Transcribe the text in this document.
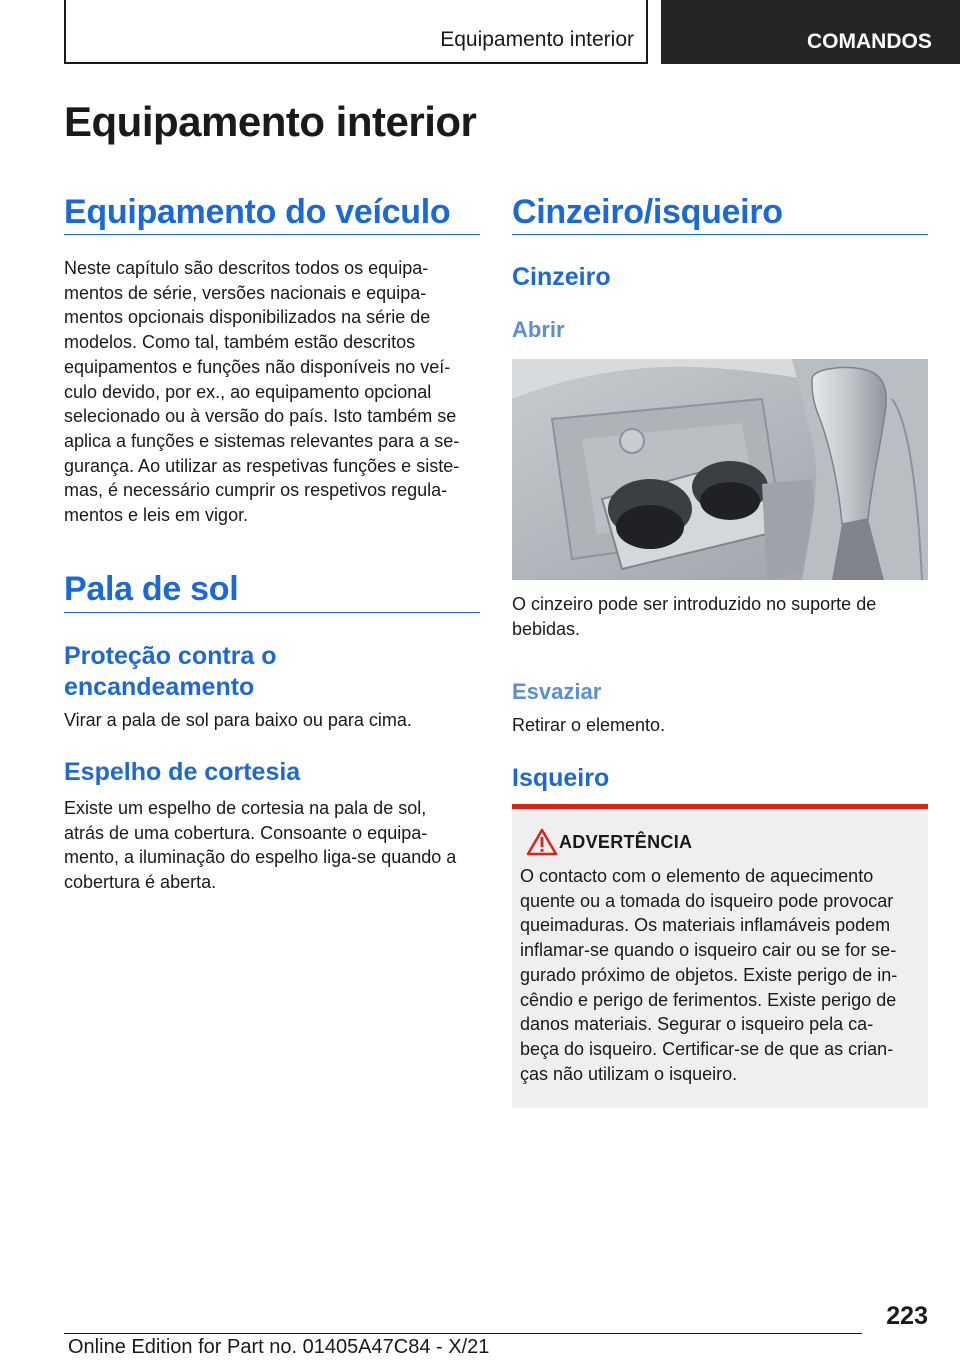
Equipamento interior	COMANDOS
Equipamento interior
Equipamento do veículo
Neste capítulo são descritos todos os equipa-
mentos de série, versões nacionais e equipa-
mentos opcionais disponibilizados na série de
modelos. Como tal, também estão descritos
equipamentos e funções não disponíveis no veí-
culo devido, por ex., ao equipamento opcional
selecionado ou à versão do país. Isto também se
aplica a funções e sistemas relevantes para a se-
gurança. Ao utilizar as respetivas funções e siste-
mas, é necessário cumprir os respetivos regula-
mentos e leis em vigor.
Pala de sol
Proteção contra o
encandeamento
Virar a pala de sol para baixo ou para cima.
Espelho de cortesia
Existe um espelho de cortesia na pala de sol,
atrás de uma cobertura. Consoante o equipa-
mento, a iluminação do espelho liga-se quando a
cobertura é aberta.
Cinzeiro/isqueiro
Cinzeiro
Abrir
O cinzeiro pode ser introduzido no suporte de
bebidas.
Esvaziar
Retirar o elemento.
Isqueiro
ADVERTÊNCIA
O contacto com o elemento de aquecimento
quente ou a tomada do isqueiro pode provocar
queimaduras. Os materiais inflamáveis podem
inflamar-se quando o isqueiro cair ou se for se-
gurado próximo de objetos. Existe perigo de in-
cêndio e perigo de ferimentos. Existe perigo de
danos materiais. Segurar o isqueiro pela ca-
beça do isqueiro. Certificar-se de que as crian-
ças não utilizam o isqueiro.
223
Online Edition for Part no. 01405A47C84 - X/21
